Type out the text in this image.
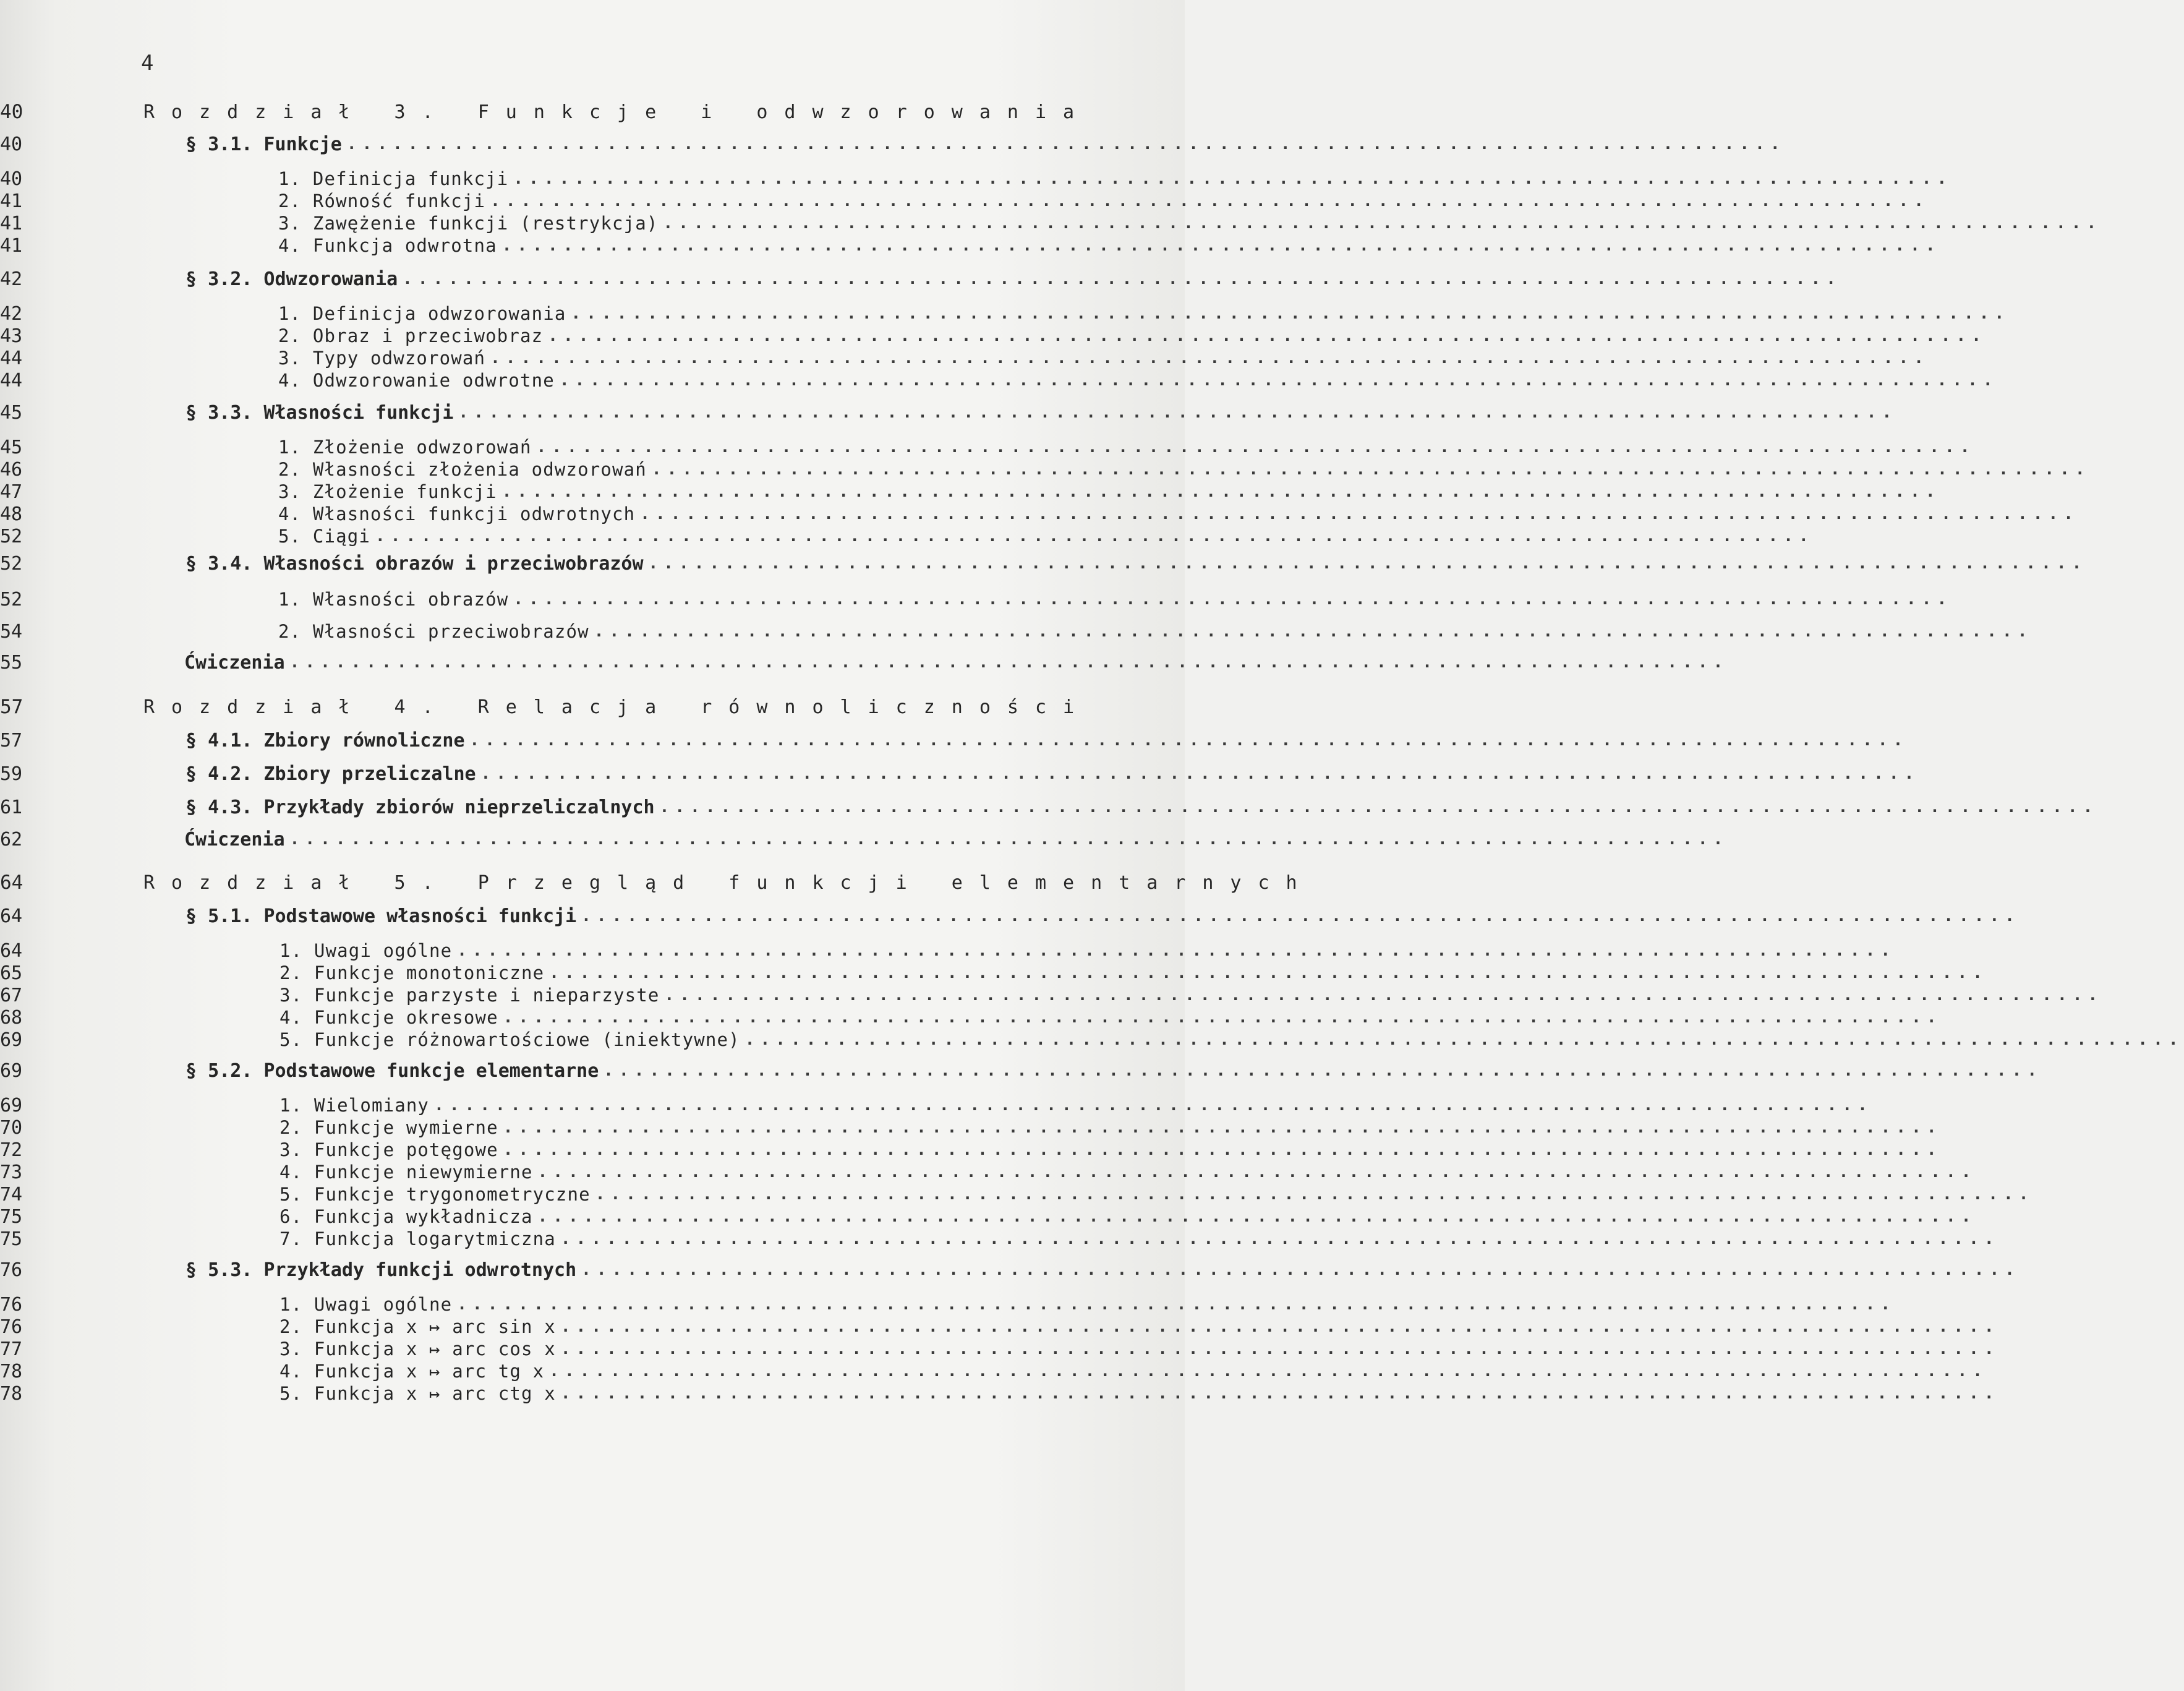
4
Rozdział 3. Funkcje i odwzorowania
40
§ 3.1. Funkcje ..............................................................................................
40
1. Definicja funkcji ..............................................................................................
40
2. Równość funkcji ..............................................................................................
41
3. Zawężenie funkcji (restrykcja) ..............................................................................................
41
4. Funkcja odwrotna ..............................................................................................
41
§ 3.2. Odwzorowania ..............................................................................................
42
1. Definicja odwzorowania ..............................................................................................
42
2. Obraz i przeciwobraz ..............................................................................................
43
3. Typy odwzorowań ..............................................................................................
44
4. Odwzorowanie odwrotne ..............................................................................................
44
§ 3.3. Własności funkcji ..............................................................................................
45
1. Złożenie odwzorowań ..............................................................................................
45
2. Własności złożenia odwzorowań ..............................................................................................
46
3. Złożenie funkcji ..............................................................................................
47
4. Własności funkcji odwrotnych ..............................................................................................
48
5. Ciągi ..............................................................................................
52
§ 3.4. Własności obrazów i przeciwobrazów ..............................................................................................
52
1. Własności obrazów ..............................................................................................
52
2. Własności przeciwobrazów ..............................................................................................
54
Ćwiczenia ..............................................................................................
55
Rozdział 4. Relacja równoliczności
57
§ 4.1. Zbiory równoliczne ..............................................................................................
57
§ 4.2. Zbiory przeliczalne ..............................................................................................
59
§ 4.3. Przykłady zbiorów nieprzeliczalnych ..............................................................................................
61
Ćwiczenia ..............................................................................................
62
Rozdział 5. Przegląd funkcji elementarnych
64
§ 5.1. Podstawowe własności funkcji ..............................................................................................
64
1. Uwagi ogólne ..............................................................................................
64
2. Funkcje monotoniczne ..............................................................................................
65
3. Funkcje parzyste i nieparzyste ..............................................................................................
67
4. Funkcje okresowe ..............................................................................................
68
5. Funkcje różnowartościowe (iniektywne) ..............................................................................................
69
§ 5.2. Podstawowe funkcje elementarne ..............................................................................................
69
1. Wielomiany ..............................................................................................
69
2. Funkcje wymierne ..............................................................................................
70
3. Funkcje potęgowe ..............................................................................................
72
4. Funkcje niewymierne ..............................................................................................
73
5. Funkcje trygonometryczne ..............................................................................................
74
6. Funkcja wykładnicza ..............................................................................................
75
7. Funkcja logarytmiczna ..............................................................................................
75
§ 5.3. Przykłady funkcji odwrotnych ..............................................................................................
76
1. Uwagi ogólne ..............................................................................................
76
2. Funkcja x ↦ arc sin x ..............................................................................................
76
3. Funkcja x ↦ arc cos x ..............................................................................................
77
4. Funkcja x ↦ arc tg x ..............................................................................................
78
5. Funkcja x ↦ arc ctg x ..............................................................................................
78
